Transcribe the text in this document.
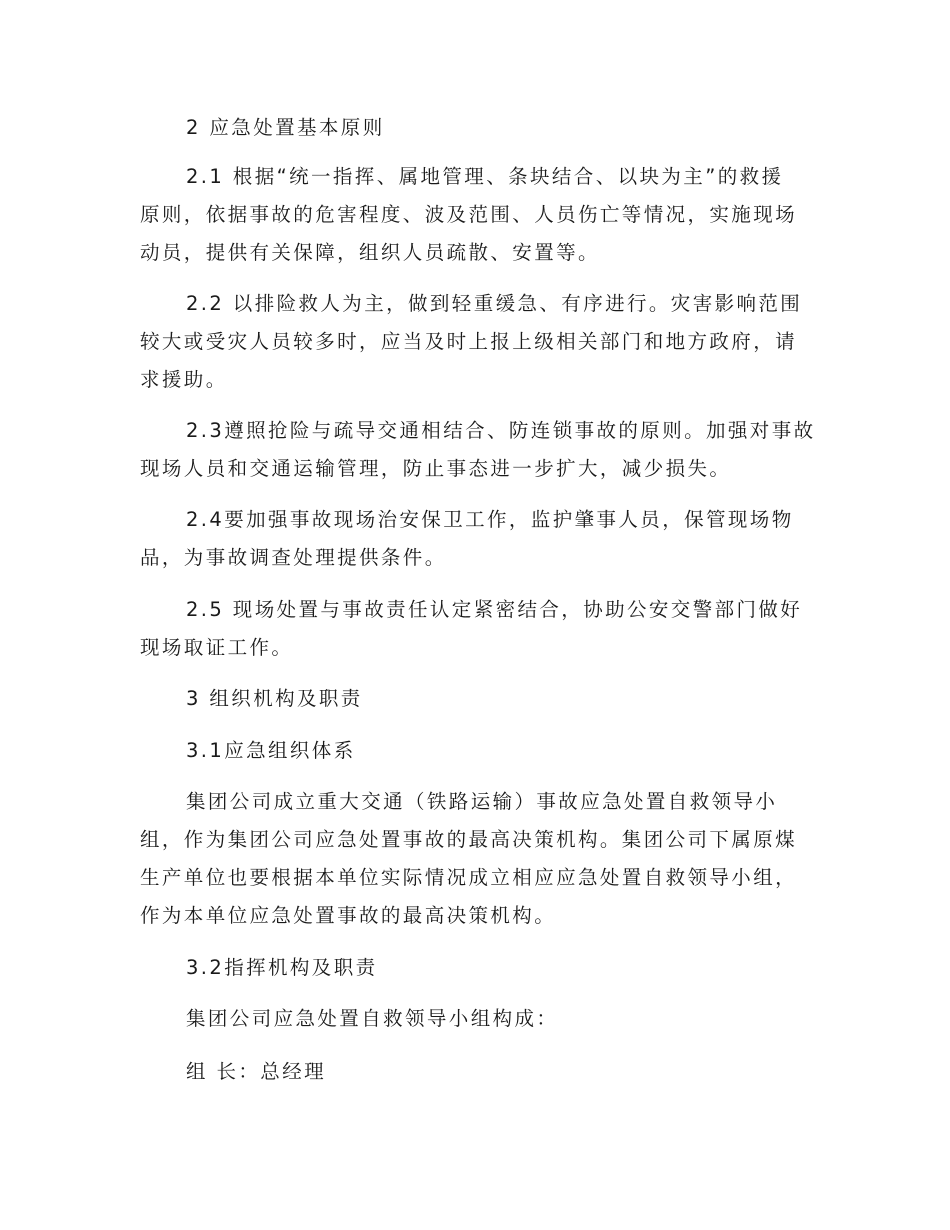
2 应急处置基本原则
2.1 根据“统一指挥、属地管理、条块结合、以块为主”的救援
原则，依据事故的危害程度、波及范围、人员伤亡等情况，实施现场
动员，提供有关保障，组织人员疏散、安置等。
2.2 以排险救人为主，做到轻重缓急、有序进行。灾害影响范围
较大或受灾人员较多时，应当及时上报上级相关部门和地方政府，请
求援助。
2.3遵照抢险与疏导交通相结合、防连锁事故的原则。加强对事故
现场人员和交通运输管理，防止事态进一步扩大，减少损失。
2.4要加强事故现场治安保卫工作，监护肇事人员，保管现场物
品，为事故调查处理提供条件。
2.5 现场处置与事故责任认定紧密结合，协助公安交警部门做好
现场取证工作。
3 组织机构及职责
3.1应急组织体系
集团公司成立重大交通（铁路运输）事故应急处置自救领导小
组，作为集团公司应急处置事故的最高决策机构。集团公司下属原煤
生产单位也要根据本单位实际情况成立相应应急处置自救领导小组，
作为本单位应急处置事故的最高决策机构。
3.2指挥机构及职责
集团公司应急处置自救领导小组构成：
组 长：总经理
